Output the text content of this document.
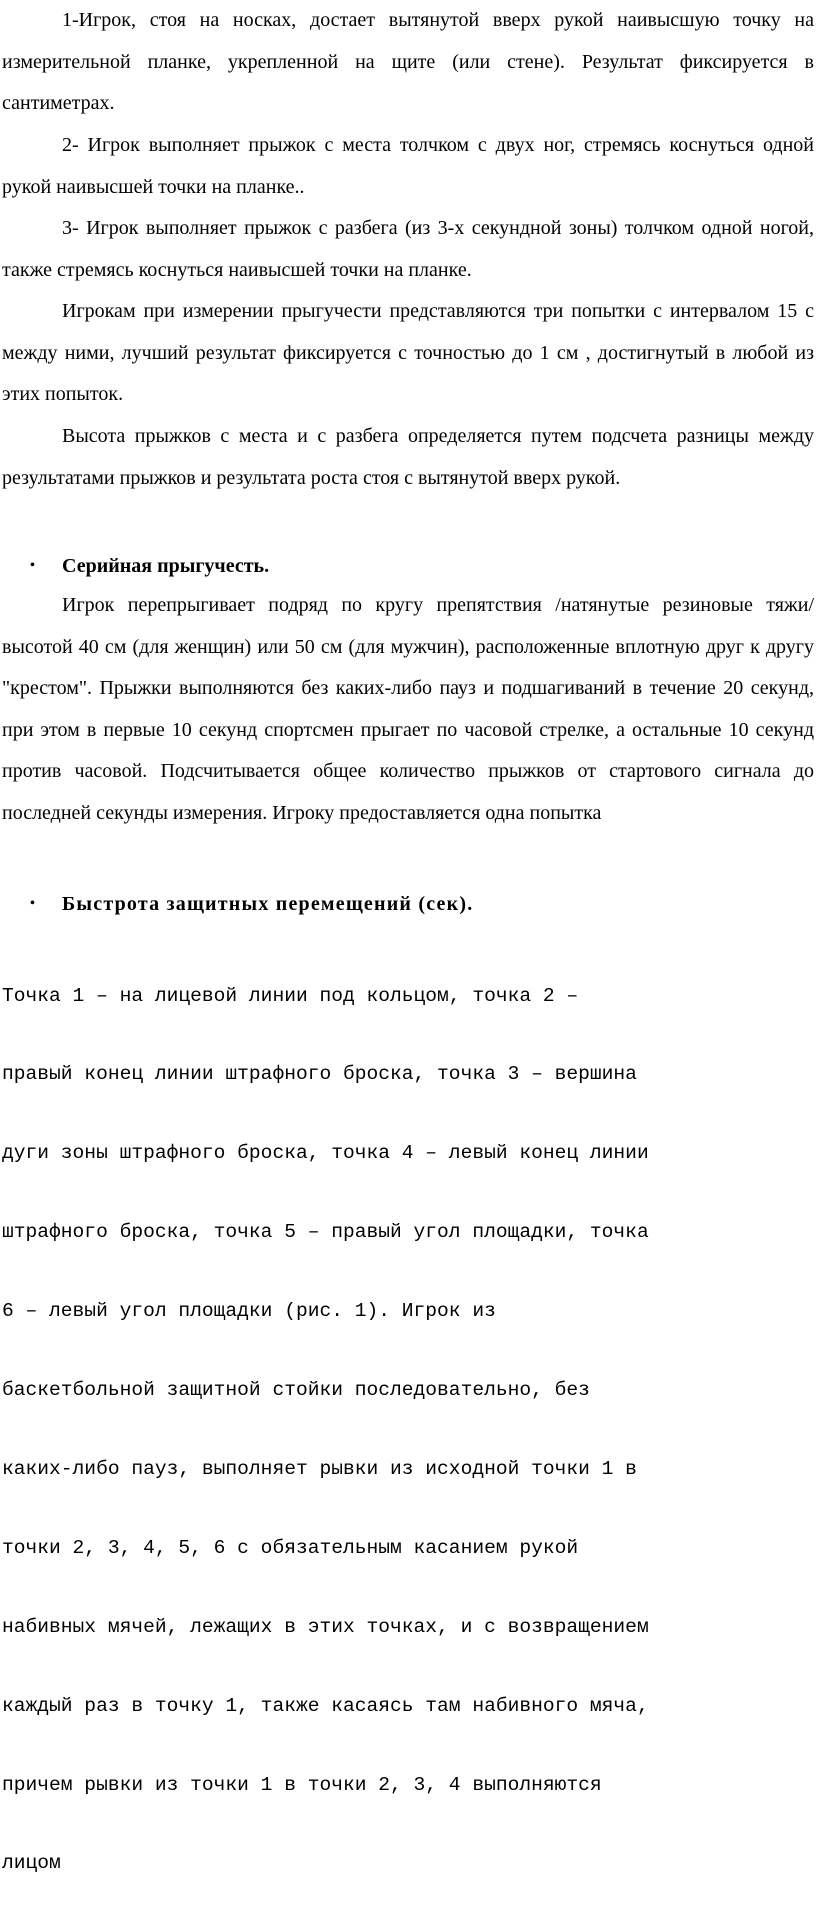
1-Игрок, стоя на носках, достает вытянутой вверх рукой наивысшую точку на измерительной планке, укрепленной на щите (или стене). Результат фиксируется в сантиметрах.

2- Игрок выполняет прыжок с места толчком с двух ног, стремясь коснуться одной рукой наивысшей точки на планке..

3- Игрок выполняет прыжок с разбега (из 3-х секундной зоны) толчком одной ногой, также стремясь коснуться наивысшей точки на планке.

Игрокам при измерении прыгучести представляются три попытки с интервалом 15 с между ними, лучший результат фиксируется с точностью до 1 см , достигнутый в любой из этих попыток.

Высота прыжков с места и с разбега определяется путем подсчета разницы между результатами прыжков и результата роста стоя с вытянутой вверх рукой.

• Серийная прыгучесть.

Игрок перепрыгивает подряд по кругу препятствия /натянутые резиновые тяжи/ высотой 40 см (для женщин) или 50 см (для мужчин), расположенные вплотную друг к другу "крестом". Прыжки выполняются без каких-либо пауз и подшагиваний в течение 20 секунд, при этом в первые 10 секунд спортсмен прыгает по часовой стрелке, а остальные 10 секунд против часовой. Подсчитывается общее количество прыжков от стартового сигнала до последней секунды измерения. Игроку предоставляется одна попытка

• Быстрота защитных перемещений (сек).

Точка 1 – на лицевой линии под кольцом, точка 2 –

правый конец линии штрафного броска, точка 3 – вершина

дуги зоны штрафного броска, точка 4 – левый конец линии

штрафного броска, точка 5 – правый угол площадки, точка

6 – левый угол площадки (рис. 1). Игрок из

баскетбольной защитной стойки последовательно, без

каких-либо пауз, выполняет рывки из исходной точки 1 в

точки 2, 3, 4, 5, 6 с обязательным касанием рукой

набивных мячей, лежащих в этих точках, и с возвращением

каждый раз в точку 1, также касаясь там набивного мяча,

причем рывки из точки 1 в точки 2, 3, 4 выполняются

лицом
